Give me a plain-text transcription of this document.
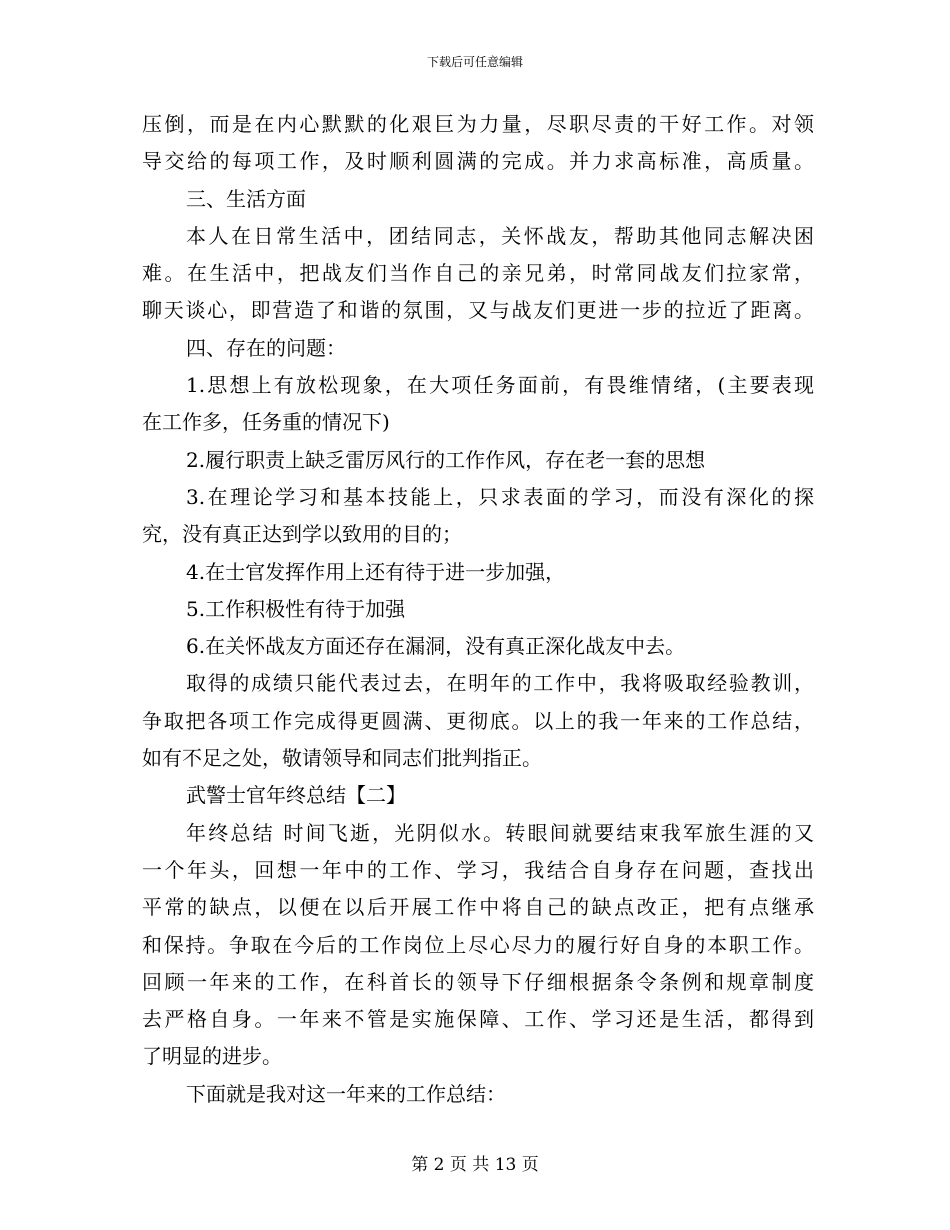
下载后可任意编辑
压倒，而是在内心默默的化艰巨为力量，尽职尽责的干好工作。对领
导交给的每项工作，及时顺利圆满的完成。并力求高标准，高质量。
三、生活方面
本人在日常生活中，团结同志，关怀战友，帮助其他同志解决困
难。在生活中，把战友们当作自己的亲兄弟，时常同战友们拉家常，
聊天谈心，即营造了和谐的氛围，又与战友们更进一步的拉近了距离。
四、存在的问题：
1.思想上有放松现象，在大项任务面前，有畏维情绪，(主要表现
在工作多，任务重的情况下)
2.履行职责上缺乏雷厉风行的工作作风，存在老一套的思想
3.在理论学习和基本技能上，只求表面的学习，而没有深化的探
究，没有真正达到学以致用的目的；
4.在士官发挥作用上还有待于进一步加强，
5.工作积极性有待于加强
6.在关怀战友方面还存在漏洞，没有真正深化战友中去。
取得的成绩只能代表过去，在明年的工作中，我将吸取经验教训，
争取把各项工作完成得更圆满、更彻底。以上的我一年来的工作总结，
如有不足之处，敬请领导和同志们批判指正。
武警士官年终总结【二】
年终总结 时间飞逝，光阴似水。转眼间就要结束我军旅生涯的又
一个年头，回想一年中的工作、学习，我结合自身存在问题，查找出
平常的缺点，以便在以后开展工作中将自己的缺点改正，把有点继承
和保持。争取在今后的工作岗位上尽心尽力的履行好自身的本职工作。
回顾一年来的工作，在科首长的领导下仔细根据条令条例和规章制度
去严格自身。一年来不管是实施保障、工作、学习还是生活，都得到
了明显的进步。
下面就是我对这一年来的工作总结：
第 2 页 共 13 页
